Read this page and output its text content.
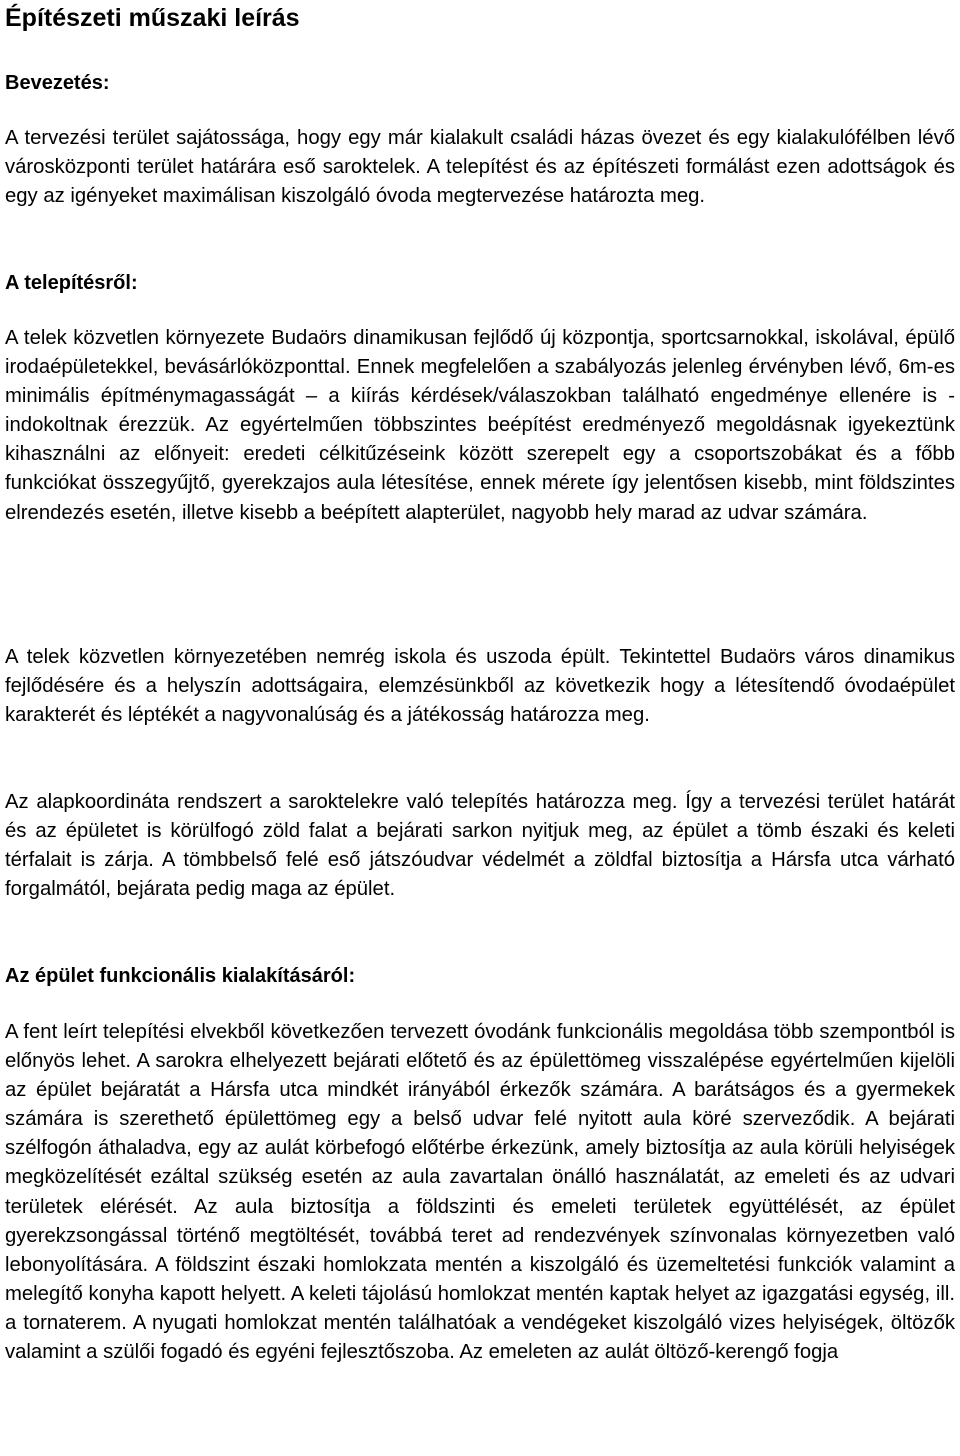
Építészeti műszaki leírás
Bevezetés:

A tervezési terület sajátossága, hogy egy már kialakult családi házas övezet és egy kialakulófélben lévő városközponti terület határára eső saroktelek. A telepítést és az építészeti formálást ezen adottságok és egy az igényeket maximálisan kiszolgáló óvoda megtervezése határozta meg.

A telepítésről:

A telek közvetlen környezete Budaörs dinamikusan fejlődő új központja, sportcsarnokkal, iskolával, épülő irodaépületekkel, bevásárlóközponttal. Ennek megfelelően a szabályozás jelenleg érvényben lévő, 6m-es minimális építménymagasságát – a kiírás kérdések/válaszokban található engedménye ellenére is - indokoltnak érezzük. Az egyértelműen többszintes beépítést eredményező megoldásnak igyekeztünk kihasználni az előnyeit: eredeti célkitűzéseink között szerepelt egy a csoportszobákat és a főbb funkciókat összegyűjtő, gyerekzajos aula létesítése, ennek mérete így jelentősen kisebb, mint földszintes elrendezés esetén, illetve kisebb a beépített alapterület, nagyobb hely marad az udvar számára.

A telek közvetlen környezetében nemrég iskola és uszoda épült. Tekintettel Budaörs város dinamikus fejlődésére és a helyszín adottságaira, elemzésünkből az következik hogy a létesítendő óvodaépület karakterét és léptékét a nagyvonalúság és a játékosság határozza meg.

Az alapkoordináta rendszert a saroktelekre való telepítés határozza meg. Így a tervezési terület határát és az épületet is körülfogó zöld falat a bejárati sarkon nyitjuk meg, az épület a tömb északi és keleti térfalait is zárja. A tömbbelső felé eső játszóudvar védelmét a zöldfal biztosítja a Hársfa utca várható forgalmától, bejárata pedig maga az épület.

Az épület funkcionális kialakításáról:

A fent leírt telepítési elvekből következően tervezett óvodánk funkcionális megoldása több szempontból is előnyös lehet. A sarokra elhelyezett bejárati előtető és az épülettömeg visszalépése egyértelműen kijelöli az épület bejáratát a Hársfa utca mindkét irányából érkezők számára. A barátságos és a gyermekek számára is szerethető épülettömeg egy a belső udvar felé nyitott aula köré szerveződik. A bejárati szélfogón áthaladva, egy az aulát körbefogó előtérbe érkezünk, amely biztosítja az aula körüli helyiségek megközelítését ezáltal szükség esetén az aula zavartalan önálló használatát, az emeleti és az udvari területek elérését. Az aula biztosítja a földszinti és emeleti területek együttélését, az épület gyerekzsongással történő megtöltését, továbbá teret ad rendezvények színvonalas környezetben való lebonyolítására. A földszint északi homlokzata mentén a kiszolgáló és üzemeltetési funkciók valamint a melegítő konyha kapott helyett. A keleti tájolású homlokzat mentén kaptak helyet az igazgatási egység, ill. a tornaterem. A nyugati homlokzat mentén találhatóak a vendégeket kiszolgáló vizes helyiségek, öltözők valamint a szülői fogadó és egyéni fejlesztőszoba. Az emeleten az aulát öltöző-kerengő fogja
